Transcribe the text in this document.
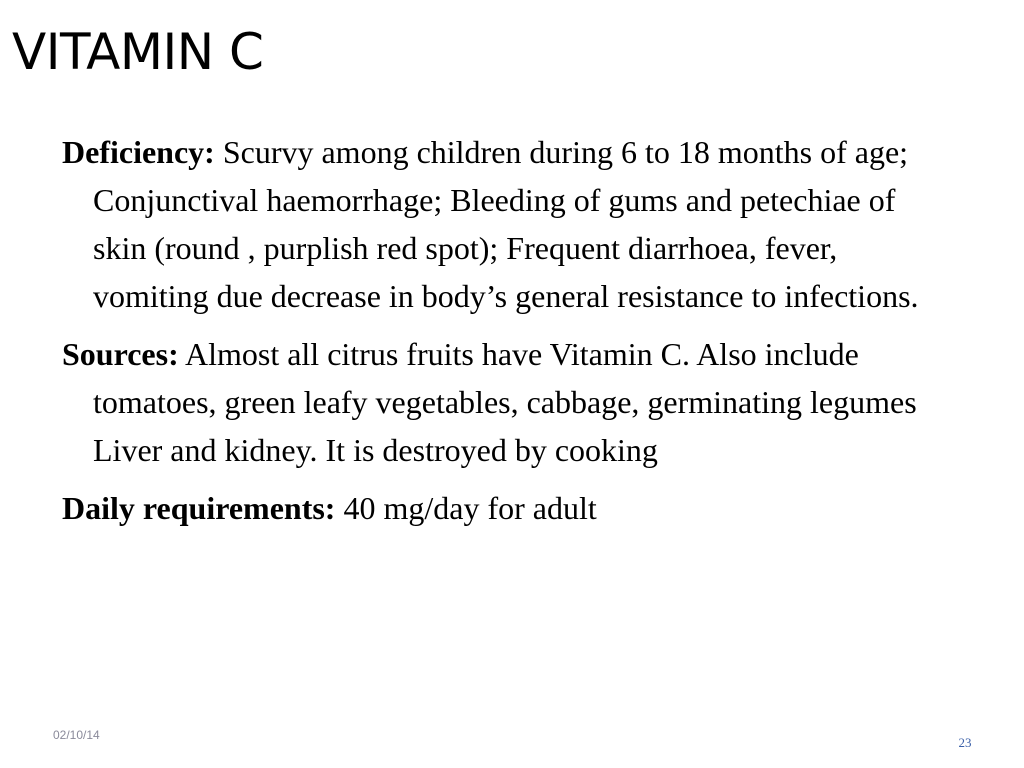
VITAMIN C

Deficiency: Scurvy among children during 6 to 18 months of age; Conjunctival haemorrhage; Bleeding of gums and petechiae of skin (round , purplish red spot); Frequent diarrhoea, fever, vomiting due decrease in body’s general resistance to infections.

Sources: Almost all citrus fruits have Vitamin C. Also include tomatoes, green leafy vegetables, cabbage, germinating legumes Liver and kidney. It is destroyed by cooking

Daily requirements: 40 mg/day for adult

02/10/14	23
